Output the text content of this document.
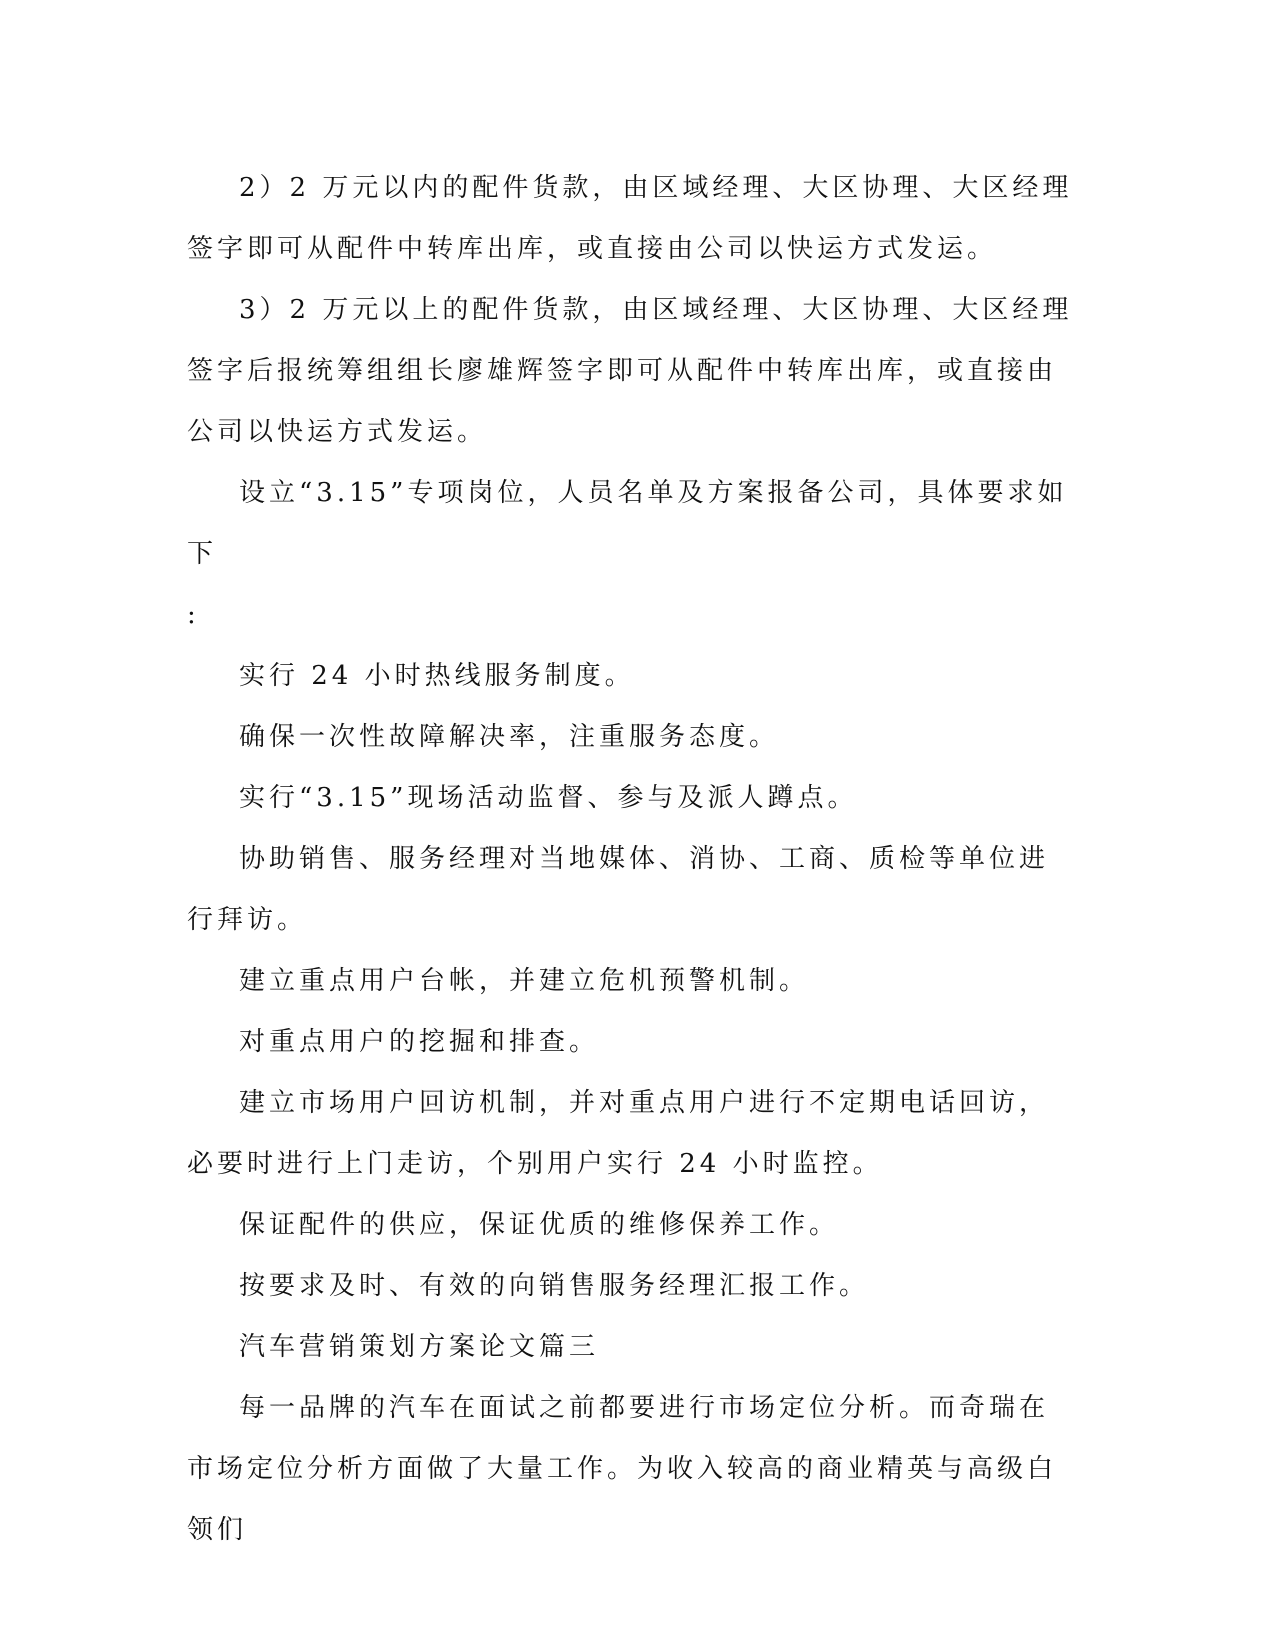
2）2 万元以内的配件货款，由区域经理、大区协理、大区经理签字即可从配件中转库出库，或直接由公司以快运方式发运。

3）2 万元以上的配件货款，由区域经理、大区协理、大区经理签字后报统筹组组长廖雄辉签字即可从配件中转库出库，或直接由公司以快运方式发运。

设立“3.15”专项岗位，人员名单及方案报备公司，具体要求如下

:

实行 24 小时热线服务制度。

确保一次性故障解决率，注重服务态度。

实行“3.15”现场活动监督、参与及派人蹲点。

协助销售、服务经理对当地媒体、消协、工商、质检等单位进行拜访。

建立重点用户台帐，并建立危机预警机制。

对重点用户的挖掘和排查。

建立市场用户回访机制，并对重点用户进行不定期电话回访，必要时进行上门走访，个别用户实行 24 小时监控。

保证配件的供应，保证优质的维修保养工作。

按要求及时、有效的向销售服务经理汇报工作。

汽车营销策划方案论文篇三

每一品牌的汽车在面试之前都要进行市场定位分析。而奇瑞在市场定位分析方面做了大量工作。为收入较高的商业精英与高级白领们
